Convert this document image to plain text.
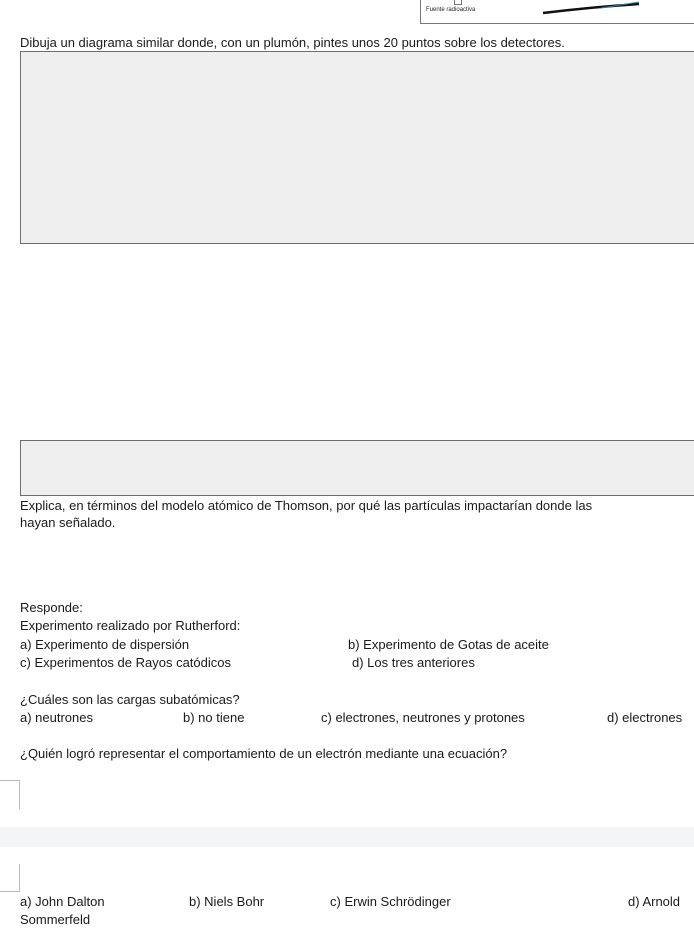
Fuente radioactiva
Dibuja un diagrama similar donde, con un plumón, pintes unos 20 puntos sobre los detectores.
Explica, en términos del modelo atómico de Thomson, por qué las partículas impactarían donde las
hayan señalado.
Responde:
Experimento realizado por Rutherford:
a) Experimento de dispersión	b) Experimento de Gotas de aceite
c) Experimentos de Rayos catódicos	d) Los tres anteriores
¿Cuáles son las cargas subatómicas?
a) neutrones	b) no tiene	c) electrones, neutrones y protones	d) electrones
¿Quién logró representar el comportamiento de un electrón mediante una ecuación?
a) John Dalton	b) Niels Bohr	c) Erwin Schrödinger	d) Arnold
Sommerfeld
